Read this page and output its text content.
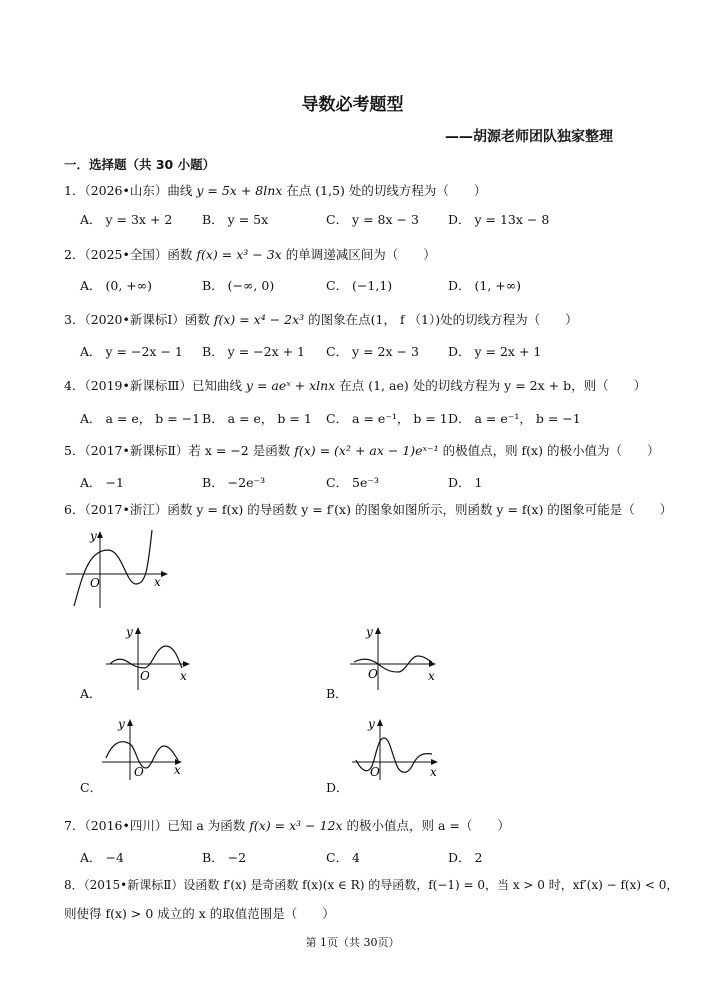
导数必考题型
——胡源老师团队独家整理
一．选择题（共 30 小题）
1．（2026•山东）曲线 y = 5x + 8lnx 在点 (1,5) 处的切线方程为（　　）
A． y = 3x + 2 B． y = 5x	C． y = 8x − 3 D． y = 13x − 8
2．（2025•全国）函数 f(x) = x³ − 3x 的单调递减区间为（　　）
A． (0, +∞)	B． (−∞, 0)	C． (−1,1)	D． (1, +∞)
3．（2020•新课标Ⅰ）函数 f(x) = x⁴ − 2x³ 的图象在点(1， f （1）)处的切线方程为（　　）
A． y = −2x − 1 B． y = −2x + 1 C． y = 2x − 3 D． y = 2x + 1
4．（2019•新课标Ⅲ）已知曲线 y = aeˣ + xlnx 在点 (1, ae) 处的切线方程为 y = 2x + b，则（　　）
A． a = e， b = −1 B． a = e， b = 1 C． a = e⁻¹， b = 1 D． a = e⁻¹， b = −1
5．（2017•新课标Ⅱ）若 x = −2 是函数 f(x) = (x² + ax − 1)eˣ⁻¹ 的极值点，则 f(x) 的极小值为（　　）
A． −1	B． −2e⁻³	C． 5e⁻³	D． 1
6．（2017•浙江）函数 y = f(x) 的导函数 y = f′(x) 的图象如图所示，则函数 y = f(x) 的图象可能是（　　）
y
x
O
y
x
O
A．
y
x
O
B．
y
x
O
C．
y
x
O
D．
7．（2016•四川）已知 a 为函数 f(x) = x³ − 12x 的极小值点，则 a =（　　）
A． −4	B． −2	C． 4	D． 2
8．（2015•新课标Ⅱ）设函数 f′(x) 是奇函数 f(x)(x ∈ R) 的导函数，f(−1) = 0，当 x > 0 时，xf′(x) − f(x) < 0，
则使得 f(x) > 0 成立的 x 的取值范围是（　　）
第 1页（共 30页）
